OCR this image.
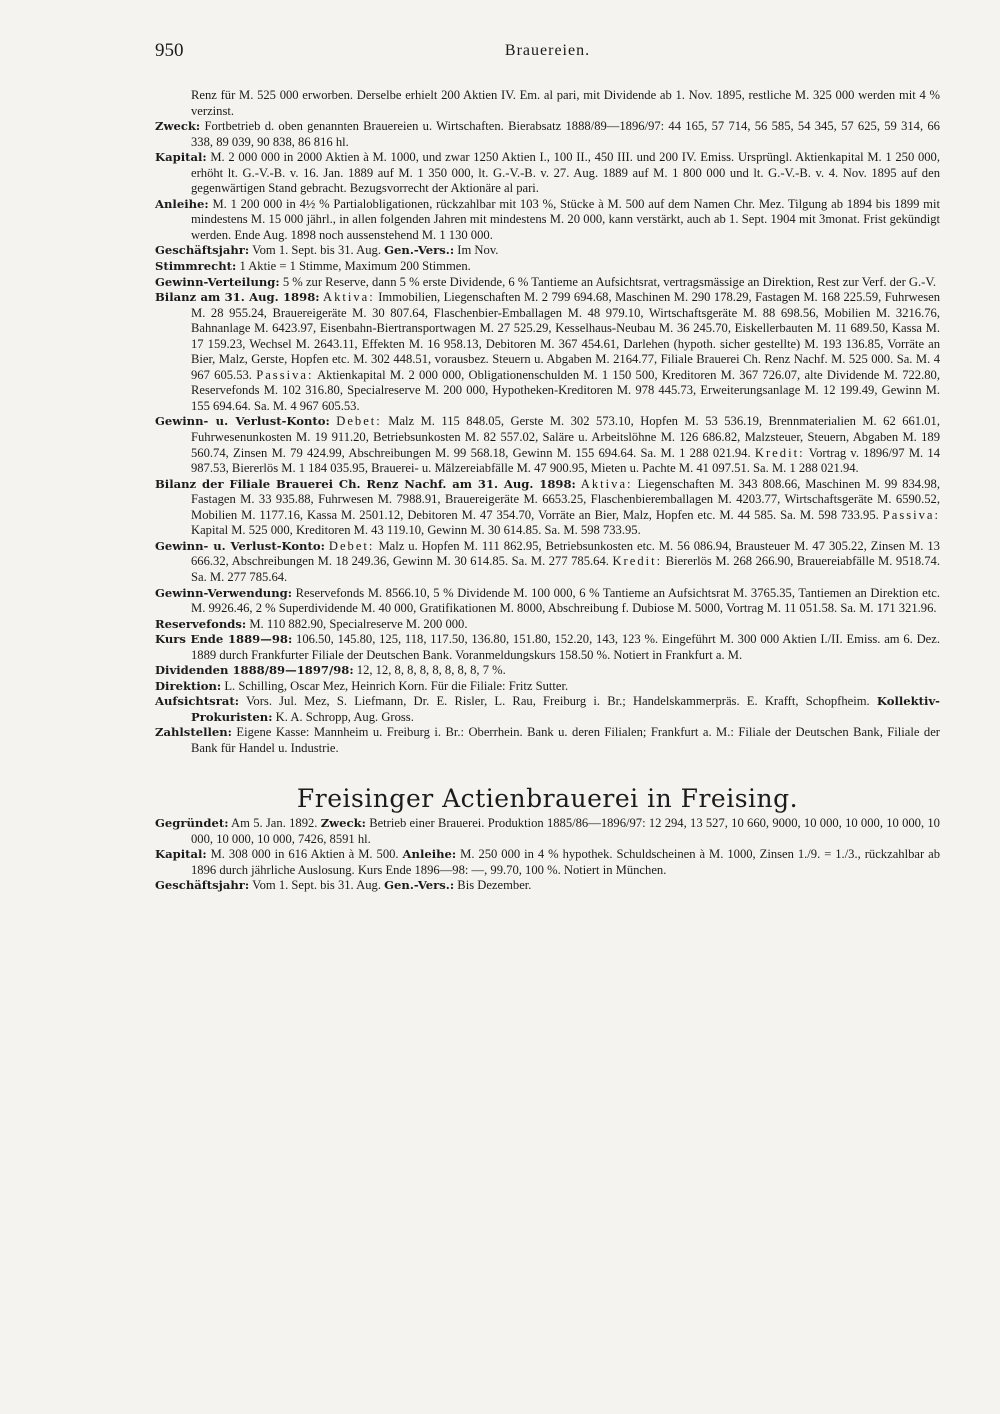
950	Brauereien.

Renz für M. 525 000 erworben. Derselbe erhielt 200 Aktien IV. Em. al pari, mit Dividende ab 1. Nov. 1895, restliche M. 325 000 werden mit 4 % verzinst.

Zweck: Fortbetrieb d. oben genannten Brauereien u. Wirtschaften. Bierabsatz 1888/89—1896/97: 44 165, 57 714, 56 585, 54 345, 57 625, 59 314, 66 338, 89 039, 90 838, 86 816 hl.

Kapital: M. 2 000 000 in 2000 Aktien à M. 1000, und zwar 1250 Aktien I., 100 II., 450 III. und 200 IV. Emiss. Ursprüngl. Aktienkapital M. 1 250 000, erhöht lt. G.-V.-B. v. 16. Jan. 1889 auf M. 1 350 000, lt. G.-V.-B. v. 27. Aug. 1889 auf M. 1 800 000 und lt. G.-V.-B. v. 4. Nov. 1895 auf den gegenwärtigen Stand gebracht. Bezugsvorrecht der Aktionäre al pari.

Anleihe: M. 1 200 000 in 4½ % Partialobligationen, rückzahlbar mit 103 %, Stücke à M. 500 auf dem Namen Chr. Mez. Tilgung ab 1894 bis 1899 mit mindestens M. 15 000 jährl., in allen folgenden Jahren mit mindestens M. 20 000, kann verstärkt, auch ab 1. Sept. 1904 mit 3monat. Frist gekündigt werden. Ende Aug. 1898 noch aussenstehend M. 1 130 000.

Geschäftsjahr: Vom 1. Sept. bis 31. Aug. Gen.-Vers.: Im Nov.

Stimmrecht: 1 Aktie = 1 Stimme, Maximum 200 Stimmen.

Gewinn-Verteilung: 5 % zur Reserve, dann 5 % erste Dividende, 6 % Tantieme an Aufsichtsrat, vertragsmässige an Direktion, Rest zur Verf. der G.-V.

Bilanz am 31. Aug. 1898: Aktiva: Immobilien, Liegenschaften M. 2 799 694.68, Maschinen M. 290 178.29, Fastagen M. 168 225.59, Fuhrwesen M. 28 955.24, Brauereigeräte M. 30 807.64, Flaschenbier-Emballagen M. 48 979.10, Wirtschaftsgeräte M. 88 698.56, Mobilien M. 3216.76, Bahnanlage M. 6423.97, Eisenbahn-Biertransportwagen M. 27 525.29, Kesselhaus-Neubau M. 36 245.70, Eiskellerbauten M. 11 689.50, Kassa M. 17 159.23, Wechsel M. 2643.11, Effekten M. 16 958.13, Debitoren M. 367 454.61, Darlehen (hypoth. sicher gestellte) M. 193 136.85, Vorräte an Bier, Malz, Gerste, Hopfen etc. M. 302 448.51, vorausbez. Steuern u. Abgaben M. 2164.77, Filiale Brauerei Ch. Renz Nachf. M. 525 000. Sa. M. 4 967 605.53. Passiva: Aktienkapital M. 2 000 000, Obligationenschulden M. 1 150 500, Kreditoren M. 367 726.07, alte Dividende M. 722.80, Reservefonds M. 102 316.80, Specialreserve M. 200 000, Hypotheken-Kreditoren M. 978 445.73, Erweiterungsanlage M. 12 199.49, Gewinn M. 155 694.64. Sa. M. 4 967 605.53.

Gewinn- u. Verlust-Konto: Debet: Malz M. 115 848.05, Gerste M. 302 573.10, Hopfen M. 53 536.19, Brennmaterialien M. 62 661.01, Fuhrwesenunkosten M. 19 911.20, Betriebsunkosten M. 82 557.02, Saläre u. Arbeitslöhne M. 126 686.82, Malzsteuer, Steuern, Abgaben M. 189 560.74, Zinsen M. 79 424.99, Abschreibungen M. 99 568.18, Gewinn M. 155 694.64. Sa. M. 1 288 021.94. Kredit: Vortrag v. 1896/97 M. 14 987.53, Biererlös M. 1 184 035.95, Brauerei- u. Mälzereiabfälle M. 47 900.95, Mieten u. Pachte M. 41 097.51. Sa. M. 1 288 021.94.

Bilanz der Filiale Brauerei Ch. Renz Nachf. am 31. Aug. 1898: Aktiva: Liegenschaften M. 343 808.66, Maschinen M. 99 834.98, Fastagen M. 33 935.88, Fuhrwesen M. 7988.91, Brauereigeräte M. 6653.25, Flaschenbieremballagen M. 4203.77, Wirtschaftsgeräte M. 6590.52, Mobilien M. 1177.16, Kassa M. 2501.12, Debitoren M. 47 354.70, Vorräte an Bier, Malz, Hopfen etc. M. 44 585. Sa. M. 598 733.95. Passiva: Kapital M. 525 000, Kreditoren M. 43 119.10, Gewinn M. 30 614.85. Sa. M. 598 733.95.

Gewinn- u. Verlust-Konto: Debet: Malz u. Hopfen M. 111 862.95, Betriebsunkosten etc. M. 56 086.94, Brausteuer M. 47 305.22, Zinsen M. 13 666.32, Abschreibungen M. 18 249.36, Gewinn M. 30 614.85. Sa. M. 277 785.64. Kredit: Biererlös M. 268 266.90, Brauereiabfälle M. 9518.74. Sa. M. 277 785.64.

Gewinn-Verwendung: Reservefonds M. 8566.10, 5 % Dividende M. 100 000, 6 % Tantieme an Aufsichtsrat M. 3765.35, Tantiemen an Direktion etc. M. 9926.46, 2 % Superdividende M. 40 000, Gratifikationen M. 8000, Abschreibung f. Dubiose M. 5000, Vortrag M. 11 051.58. Sa. M. 171 321.96.

Reservefonds: M. 110 882.90, Specialreserve M. 200 000.

Kurs Ende 1889—98: 106.50, 145.80, 125, 118, 117.50, 136.80, 151.80, 152.20, 143, 123 %. Eingeführt M. 300 000 Aktien I./II. Emiss. am 6. Dez. 1889 durch Frankfurter Filiale der Deutschen Bank. Voranmeldungskurs 158.50 %. Notiert in Frankfurt a. M.

Dividenden 1888/89—1897/98: 12, 12, 8, 8, 8, 8, 8, 8, 8, 7 %.

Direktion: L. Schilling, Oscar Mez, Heinrich Korn. Für die Filiale: Fritz Sutter.

Aufsichtsrat: Vors. Jul. Mez, S. Liefmann, Dr. E. Risler, L. Rau, Freiburg i. Br.; Handelskammerpräs. E. Krafft, Schopfheim. Kollektiv-Prokuristen: K. A. Schropp, Aug. Gross.

Zahlstellen: Eigene Kasse: Mannheim u. Freiburg i. Br.: Oberrhein. Bank u. deren Filialen; Frankfurt a. M.: Filiale der Deutschen Bank, Filiale der Bank für Handel u. Industrie.

Freisinger Actienbrauerei in Freising.

Gegründet: Am 5. Jan. 1892. Zweck: Betrieb einer Brauerei. Produktion 1885/86—1896/97: 12 294, 13 527, 10 660, 9000, 10 000, 10 000, 10 000, 10 000, 10 000, 10 000, 7426, 8591 hl.

Kapital: M. 308 000 in 616 Aktien à M. 500. Anleihe: M. 250 000 in 4 % hypothek. Schuldscheinen à M. 1000, Zinsen 1./9. = 1./3., rückzahlbar ab 1896 durch jährliche Auslosung. Kurs Ende 1896—98: —, 99.70, 100 %. Notiert in München.

Geschäftsjahr: Vom 1. Sept. bis 31. Aug. Gen.-Vers.: Bis Dezember.
